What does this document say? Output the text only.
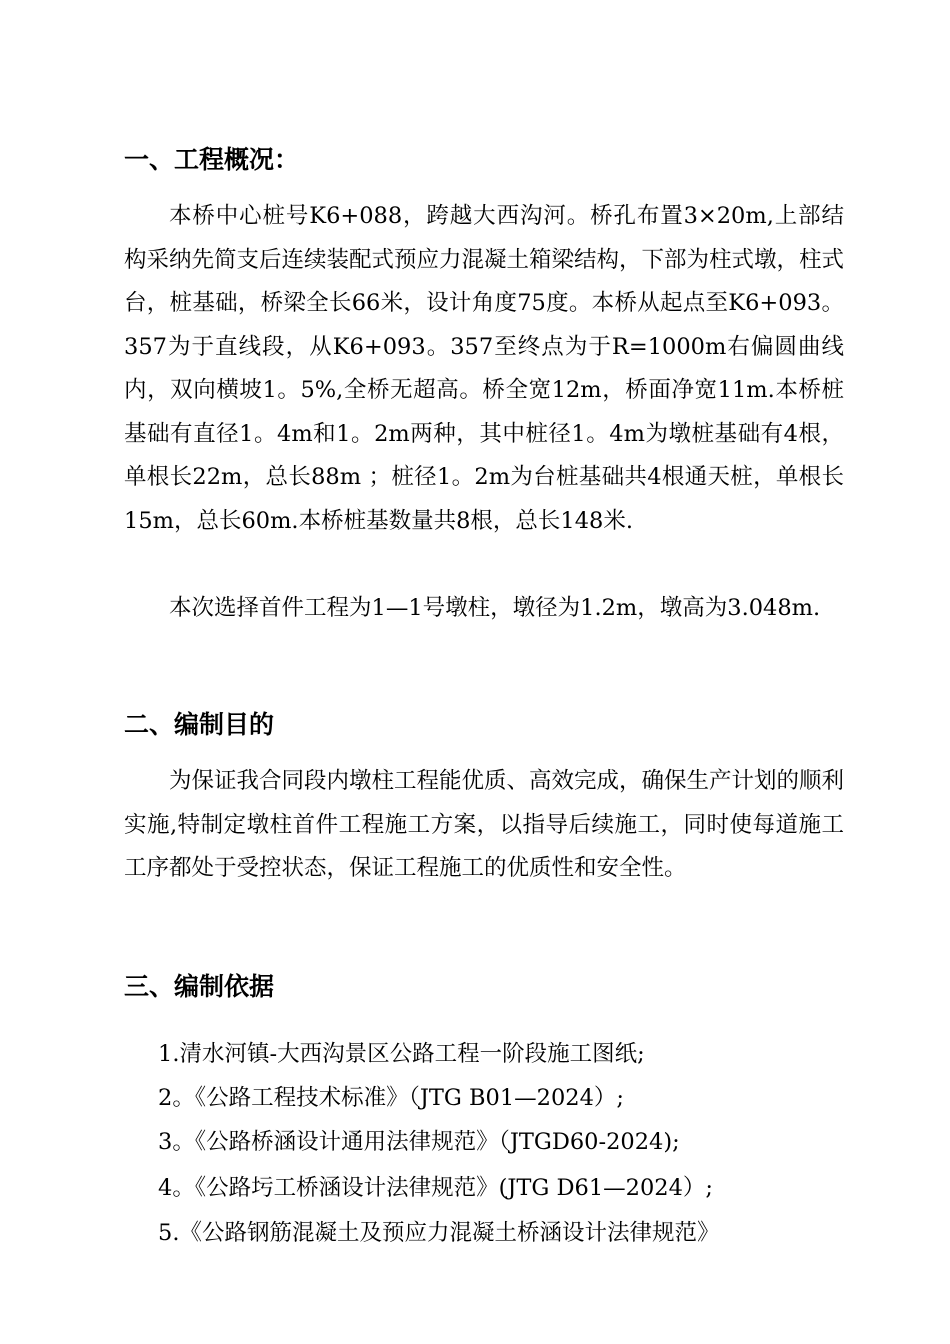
一、工程概况：

本桥中心桩号K6+088，跨越大西沟河。桥孔布置3×20m,上部结构采纳先简支后连续装配式预应力混凝土箱梁结构，下部为柱式墩，柱式台，桩基础，桥梁全长66米，设计角度75度。本桥从起点至K6+093。357为于直线段，从K6+093。357至终点为于R=1000m右偏圆曲线内，双向横坡1。5%,全桥无超高。桥全宽12m，桥面净宽11m.本桥桩基础有直径1。4m和1。2m两种，其中桩径1。4m为墩桩基础有4根，单根长22m，总长88m ；桩径1。2m为台桩基础共4根通天桩，单根长15m，总长60m.本桥桩基数量共8根，总长148米.

本次选择首件工程为1—1号墩柱，墩径为1.2m，墩高为3.048m.

二、编制目的

为保证我合同段内墩柱工程能优质、高效完成，确保生产计划的顺利实施,特制定墩柱首件工程施工方案，以指导后续施工，同时使每道施工工序都处于受控状态，保证工程施工的优质性和安全性。

三、编制依据
1.清水河镇-大西沟景区公路工程一阶段施工图纸;
2。《公路工程技术标准》（JTG B01—2024）;
3。《公路桥涵设计通用法律规范》（JTGD60-2024);
4。《公路圬工桥涵设计法律规范》(JTG D61—2024）;
5.《公路钢筋混凝土及预应力混凝土桥涵设计法律规范》
